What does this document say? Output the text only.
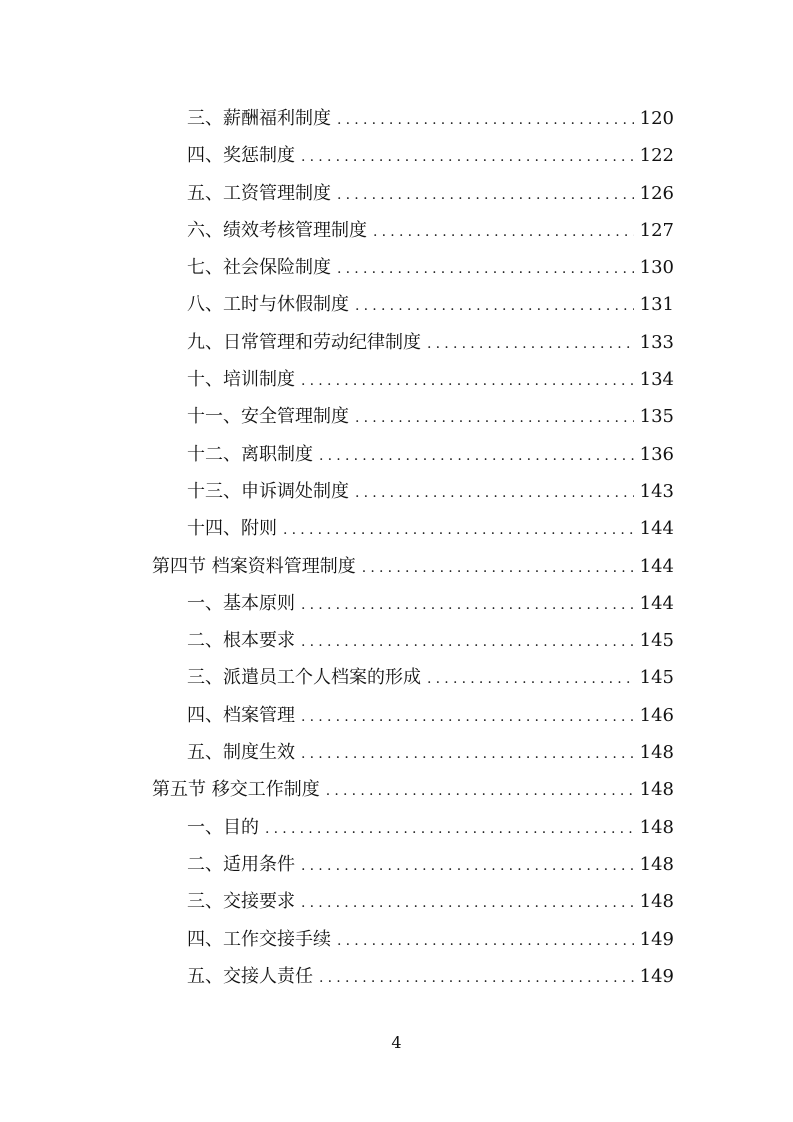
三、薪酬福利制度 .....	120
四、奖惩制度 .....	122
五、工资管理制度 .....	126
六、绩效考核管理制度 .....	127
七、社会保险制度 .....	130
八、工时与休假制度 .....	131
九、日常管理和劳动纪律制度 .....	133
十、培训制度 .....	134
十一、安全管理制度 .....	135
十二、离职制度 .....	136
十三、申诉调处制度 .....	143
十四、附则 .....	144
第四节 档案资料管理制度 .....	144
一、基本原则 .....	144
二、根本要求 .....	145
三、派遣员工个人档案的形成 .....	145
四、档案管理 .....	146
五、制度生效 .....	148
第五节 移交工作制度 .....	148
一、目的 .....	148
二、适用条件 .....	148
三、交接要求 .....	148
四、工作交接手续 .....	149
五、交接人责任 .....	149
4
